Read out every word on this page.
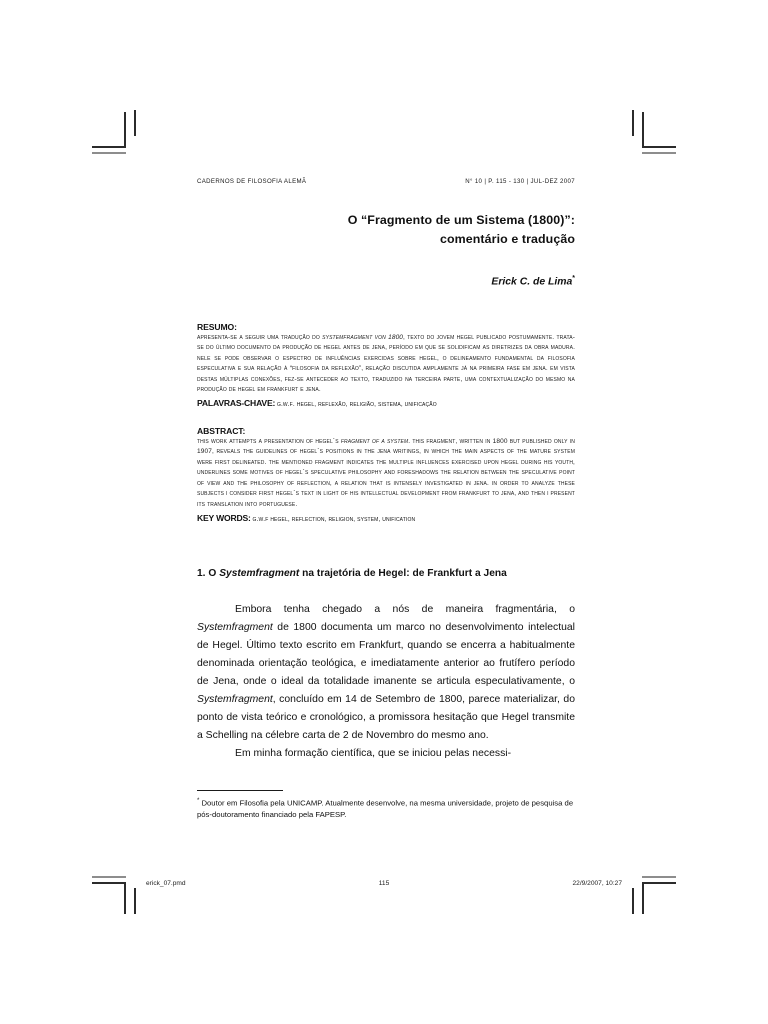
CADERNOS DE FILOSOFIA ALEMÃ	N° 10 | P. 115 - 130 | JUL-DEZ 2007
O “Fragmento de um Sistema (1800)”:
comentário e tradução
Erick C. de Lima*
RESUMO:
apresenta-se a seguir uma tradução do systemfragment von 1800, texto do jovem hegel publicado postumamente. trata-se do último documento da produção de hegel antes de jena, período em que se solidificam as diretrizes da obra madura. nele se pode observar o espectro de influências exercidas sobre hegel, o delineamento fundamental da filosofia especulativa e sua relação à “filosofia da reflexão”, relação discutida amplamente já na primeira fase em jena. em vista destas múltiplas conexões, fez-se anteceder ao texto, traduzido na terceira parte, uma contextualização do mesmo na produção de hegel em frankfurt e jena.
PALAVRAS-CHAVE: g.w.f. hegel, reflexão, religião, sistema, unificação
ABSTRACT:
this work attempts a presentation of hegel´s fragment of a system. this fragment, written in 1800 but published only in 1907, reveals the guidelines of hegel´s positions in the jena writings, in which the main aspects of the mature system were first delineated. the mentioned fragment indicates the multiple influences exercised upon hegel during his youth, underlines some motives of hegel´s speculative philosophy and foreshadows the relation between the speculative point of view and the philosophy of reflection, a relation that is intensely investigated in jena. in order to analyze these subjects i consider first hegel´s text in light of his intellectual development from frankfurt to jena, and then i present its translation into portuguese.
KEY WORDS: g.w.f hegel, reflection, religion, system, unification
1. O Systemfragment na trajetória de Hegel: de Frankfurt a Jena

Embora tenha chegado a nós de maneira fragmentária, o Systemfragment de 1800 documenta um marco no desenvolvimento intelectual de Hegel. Último texto escrito em Frankfurt, quando se encerra a habitualmente denominada orientação teológica, e imediatamente anterior ao frutífero período de Jena, onde o ideal da totalidade imanente se articula especulativamente, o Systemfragment, concluído em 14 de Setembro de 1800, parece materializar, do ponto de vista teórico e cronológico, a promissora hesitação que Hegel transmite a Schelling na célebre carta de 2 de Novembro do mesmo ano.

Em minha formação científica, que se iniciou pelas necessi-

* Doutor em Filosofia pela UNICAMP. Atualmente desenvolve, na mesma universidade, projeto de pesquisa de pós-doutoramento financiado pela FAPESP.
erick_07.pmd	115	22/9/2007, 10:27
